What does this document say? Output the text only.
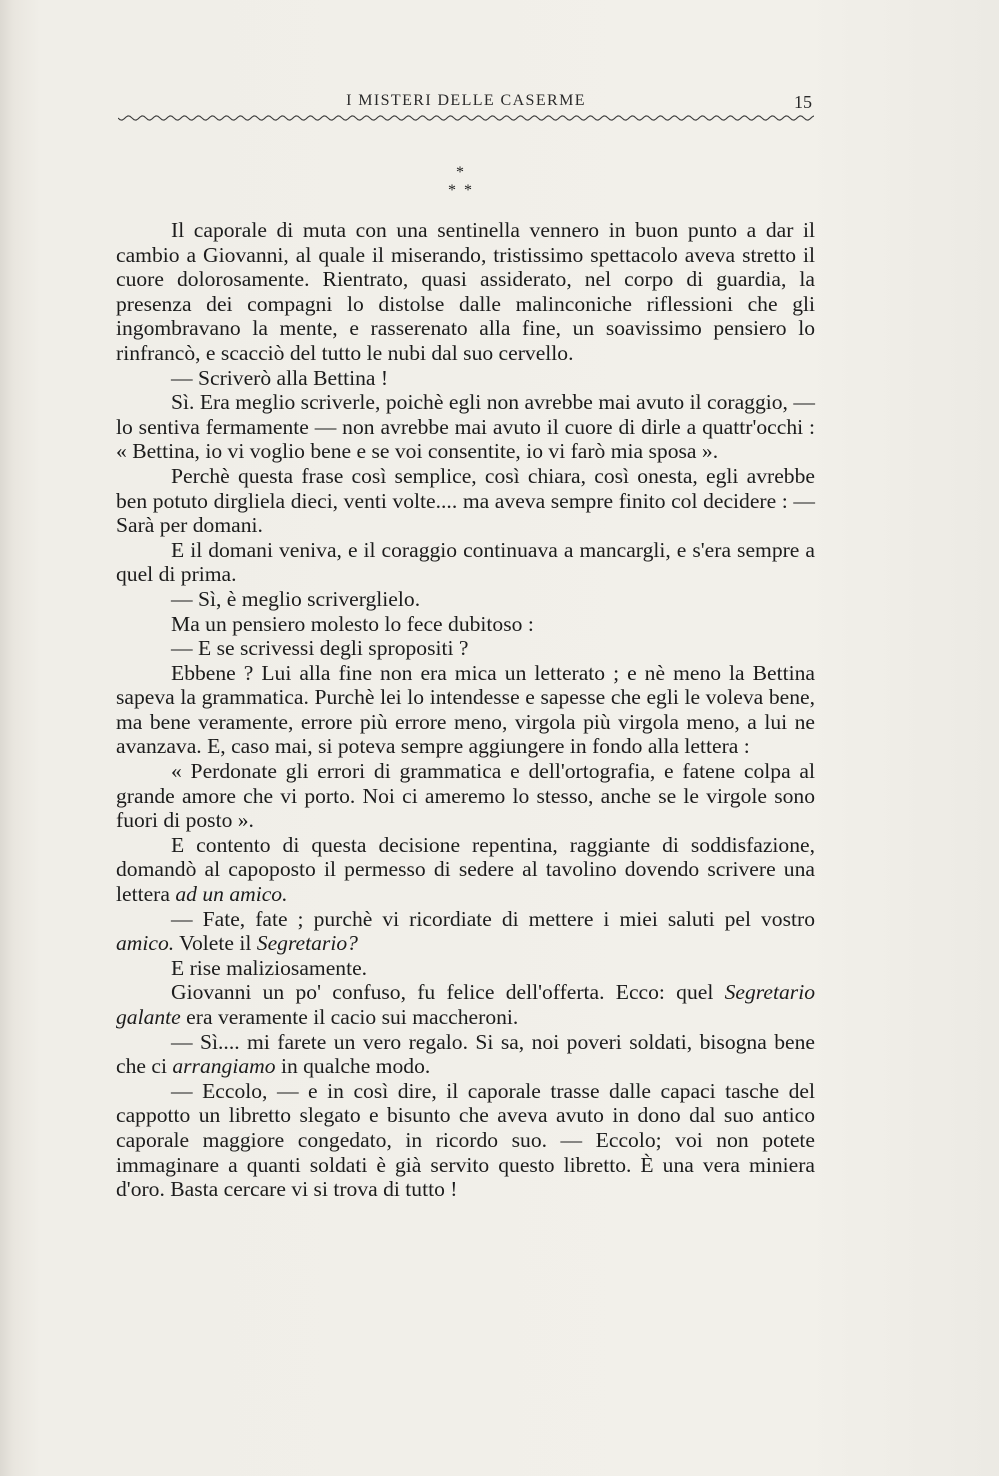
I MISTERI DELLE CASERME	15
*
* *

Il caporale di muta con una sentinella vennero in buon punto a dar il cambio a Giovanni, al quale il miserando, tristissimo spettacolo aveva stretto il cuore dolorosamente. Rientrato, quasi assiderato, nel corpo di guardia, la presenza dei compagni lo distolse dalle malinconiche riflessioni che gli ingombravano la mente, e rasserenato alla fine, un soavissimo pensiero lo rinfrancò, e scacciò del tutto le nubi dal suo cervello.

— Scriverò alla Bettina !

Sì. Era meglio scriverle, poichè egli non avrebbe mai avuto il coraggio, — lo sentiva fermamente — non avrebbe mai avuto il cuore di dirle a quattr'occhi : « Bettina, io vi voglio bene e se voi consentite, io vi farò mia sposa ».

Perchè questa frase così semplice, così chiara, così onesta, egli avrebbe ben potuto dirgliela dieci, venti volte.... ma aveva sempre finito col decidere : — Sarà per domani.

E il domani veniva, e il coraggio continuava a mancargli, e s'era sempre a quel di prima.

— Sì, è meglio scriverglielo.

Ma un pensiero molesto lo fece dubitoso :

— E se scrivessi degli spropositi ?

Ebbene ? Lui alla fine non era mica un letterato ; e nè meno la Bettina sapeva la grammatica. Purchè lei lo intendesse e sapesse che egli le voleva bene, ma bene veramente, errore più errore meno, virgola più virgola meno, a lui ne avanzava. E, caso mai, si poteva sempre aggiungere in fondo alla lettera :

« Perdonate gli errori di grammatica e dell'ortografia, e fatene colpa al grande amore che vi porto. Noi ci ameremo lo stesso, anche se le virgole sono fuori di posto ».

E contento di questa decisione repentina, raggiante di soddisfazione, domandò al capoposto il permesso di sedere al tavolino dovendo scrivere una lettera ad un amico.

— Fate, fate ; purchè vi ricordiate di mettere i miei saluti pel vostro amico. Volete il Segretario?

E rise maliziosamente.

Giovanni un po' confuso, fu felice dell'offerta. Ecco: quel Segretario galante era veramente il cacio sui maccheroni.

— Sì.... mi farete un vero regalo. Si sa, noi poveri soldati, bisogna bene che ci arrangiamo in qualche modo.

— Eccolo, — e in così dire, il caporale trasse dalle capaci tasche del cappotto un libretto slegato e bisunto che aveva avuto in dono dal suo antico caporale maggiore congedato, in ricordo suo. — Eccolo; voi non potete immaginare a quanti soldati è già servito questo libretto. È una vera miniera d'oro. Basta cercare vi si trova di tutto !
